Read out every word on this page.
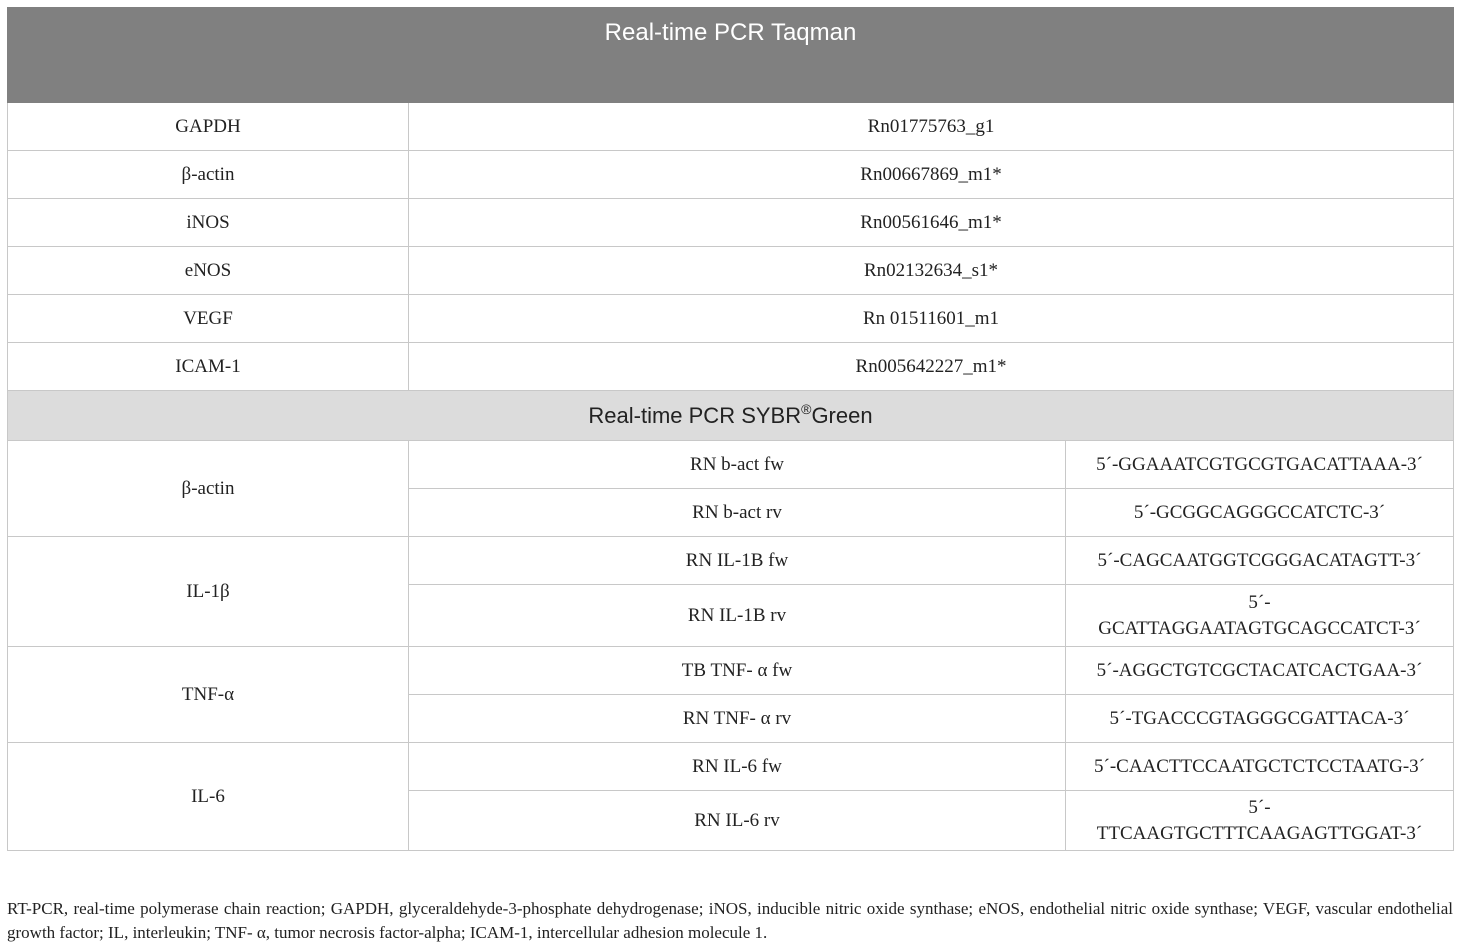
Real-time PCR Taqman		
GAPDH	Rn01775763_g1	
β-actin	Rn00667869_m1*	
iNOS	Rn00561646_m1*	
eNOS	Rn02132634_s1*	
VEGF	Rn 01511601_m1	
ICAM-1	Rn005642227_m1*	
Real-time PCR SYBR®Green		
β-actin	RN b-act fw	5´-GGAAATCGTGCGTGACATTAAA-3´
	RN b-act rv	5´-GCGGCAGGGCCATCTC-3´
IL-1β	RN IL-1B fw	5´-CAGCAATGGTCGGGACATAGTT-3´
	RN IL-1B rv	5´-
GCATTAGGAATAGTGCAGCCATCT-3´
TNF-α	TB TNF- α fw	5´-AGGCTGTCGCTACATCACTGAA-3´
	RN TNF- α rv	5´-TGACCCGTAGGGCGATTACA-3´
IL-6	RN IL-6 fw	5´-CAACTTCCAATGCTCTCCTAATG-3´
	RN IL-6 rv	5´-
TTCAAGTGCTTTCAAGAGTTGGAT-3´

RT-PCR, real-time polymerase chain reaction; GAPDH, glyceraldehyde-3-phosphate dehydrogenase; iNOS, inducible nitric oxide synthase; eNOS, endothelial nitric oxide synthase; VEGF, vascular endothelial growth factor; IL, interleukin; TNF- α, tumor necrosis factor-alpha; ICAM-1, intercellular adhesion molecule 1.
